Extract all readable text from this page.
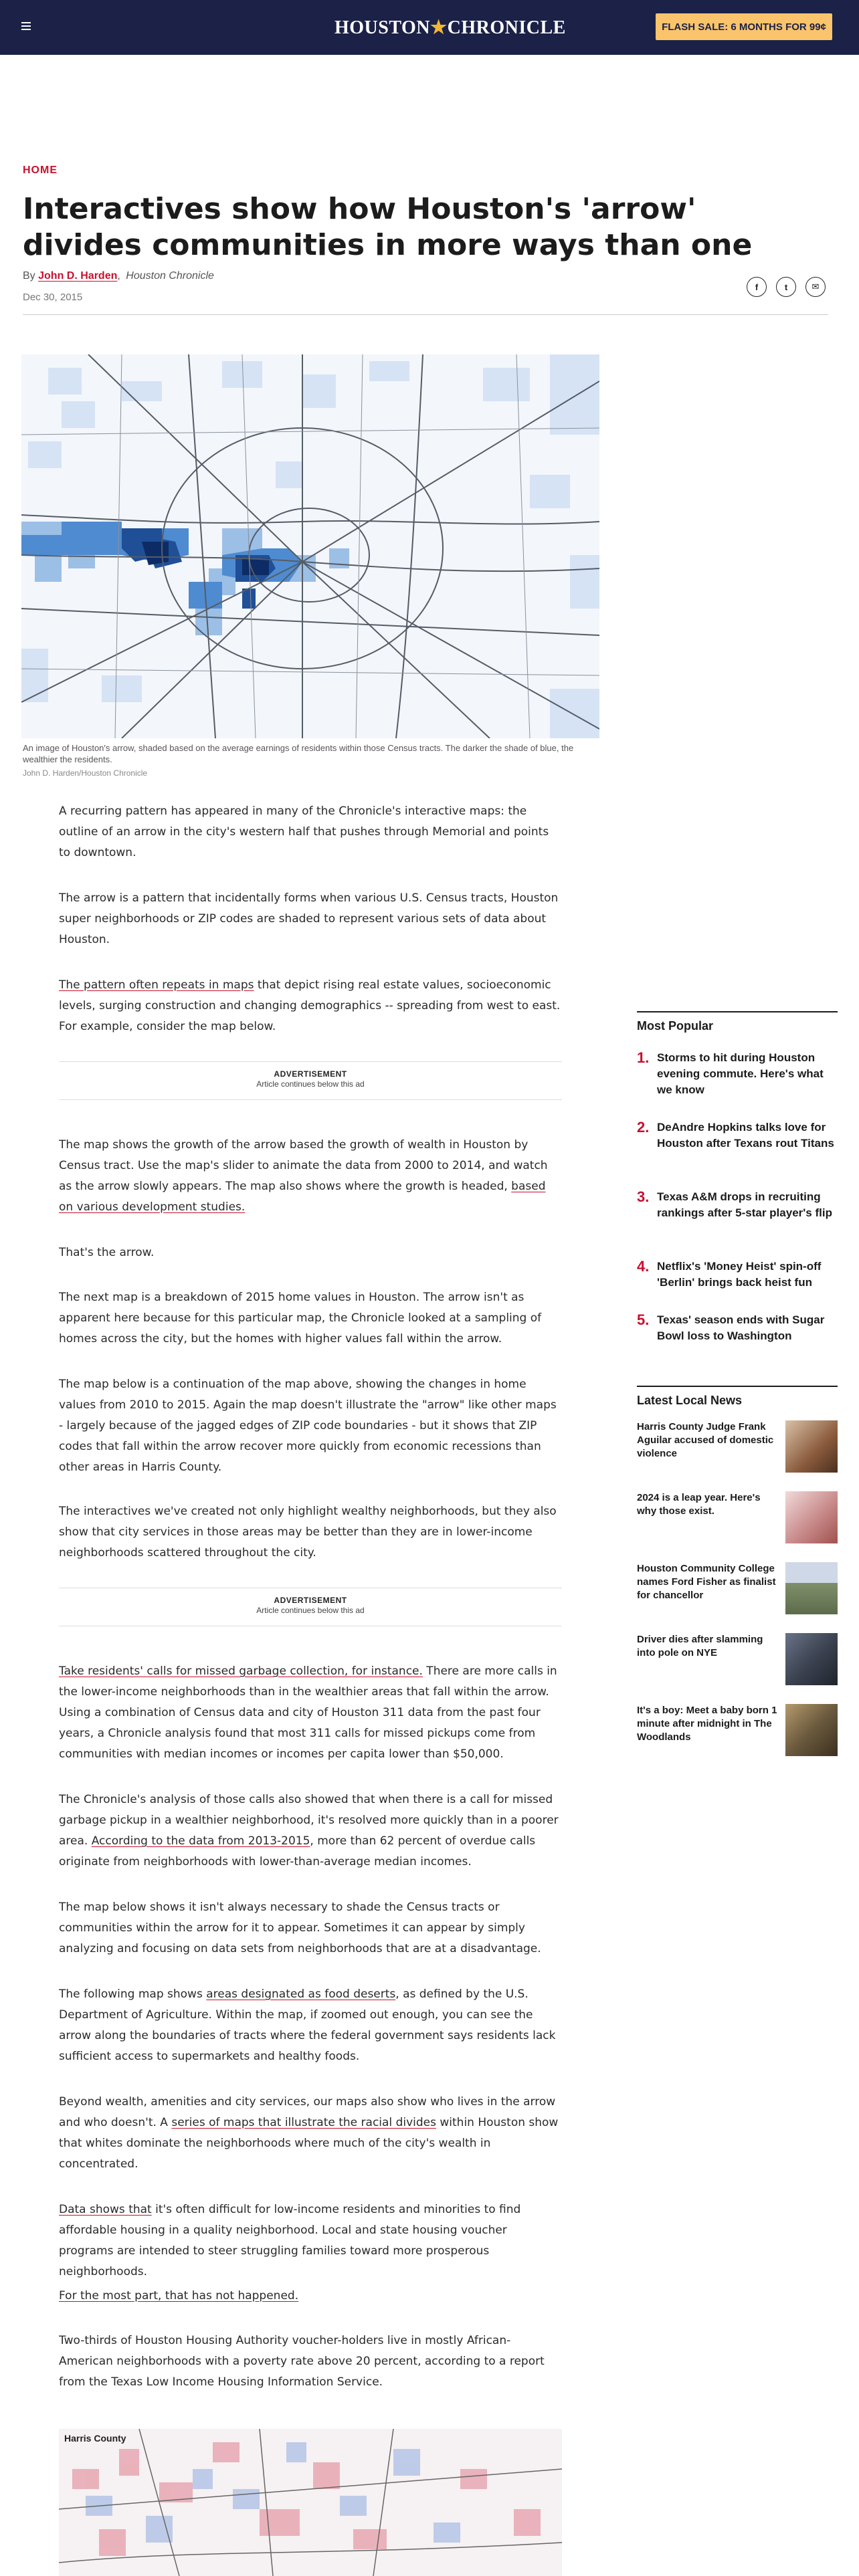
HOUSTON★CHRONICLE	FLASH SALE: 6 MONTHS FOR 99¢
HOME
Interactives show how Houston's 'arrow' divides communities in more ways than one
By John D. Harden, Houston Chronicle
Dec 30, 2015
f	t	✉
An image of Houston's arrow, shaded based on the average earnings of residents within those Census tracts. The darker the shade of blue, the wealthier the residents.
John D. Harden/Houston Chronicle

A recurring pattern has appeared in many of the Chronicle's interactive maps: the outline of an arrow in the city's western half that pushes through Memorial and points to downtown.

The arrow is a pattern that incidentally forms when various U.S. Census tracts, Houston super neighborhoods or ZIP codes are shaded to represent various sets of data about Houston.

The pattern often repeats in maps that depict rising real estate values, socioeconomic levels, surging construction and changing demographics -- spreading from west to east. For example, consider the map below.

ADVERTISEMENT
Article continues below this ad

The map shows the growth of the arrow based the growth of wealth in Houston by Census tract. Use the map's slider to animate the data from 2000 to 2014, and watch as the arrow slowly appears. The map also shows where the growth is headed, based on various development studies.

That's the arrow.

The next map is a breakdown of 2015 home values in Houston. The arrow isn't as apparent here because for this particular map, the Chronicle looked at a sampling of homes across the city, but the homes with higher values fall within the arrow.

The map below is a continuation of the map above, showing the changes in home values from 2010 to 2015. Again the map doesn't illustrate the "arrow" like other maps - largely because of the jagged edges of ZIP code boundaries - but it shows that ZIP codes that fall within the arrow recover more quickly from economic recessions than other areas in Harris County.

The interactives we've created not only highlight wealthy neighborhoods, but they also show that city services in those areas may be better than they are in lower-income neighborhoods scattered throughout the city.

ADVERTISEMENT
Article continues below this ad

Take residents' calls for missed garbage collection, for instance. There are more calls in the lower-income neighborhoods than in the wealthier areas that fall within the arrow. Using a combination of Census data and city of Houston 311 data from the past four years, a Chronicle analysis found that most 311 calls for missed pickups come from communities with median incomes or incomes per capita lower than $50,000.

The Chronicle's analysis of those calls also showed that when there is a call for missed garbage pickup in a wealthier neighborhood, it's resolved more quickly than in a poorer area. According to the data from 2013-2015, more than 62 percent of overdue calls originate from neighborhoods with lower-than-average median incomes.

The map below shows it isn't always necessary to shade the Census tracts or communities within the arrow for it to appear. Sometimes it can appear by simply analyzing and focusing on data sets from neighborhoods that are at a disadvantage.

The following map shows areas designated as food deserts, as defined by the U.S. Department of Agriculture. Within the map, if zoomed out enough, you can see the arrow along the boundaries of tracts where the federal government says residents lack sufficient access to supermarkets and healthy foods.

Beyond wealth, amenities and city services, our maps also show who lives in the arrow and who doesn't. A series of maps that illustrate the racial divides within Houston show that whites dominate the neighborhoods where much of the city's wealth in concentrated.

Data shows that it's often difficult for low-income residents and minorities to find affordable housing in a quality neighborhood. Local and state housing voucher programs are intended to steer struggling families toward more prosperous neighborhoods.

For the most part, that has not happened.

Two-thirds of Houston Housing Authority voucher-holders live in mostly African-American neighborhoods with a poverty rate above 20 percent, according to a report from the Texas Low Income Housing Information Service.

Harris County
Most Popular
1. Storms to hit during Houston evening commute. Here's what we know
2. DeAndre Hopkins talks love for Houston after Texans rout Titans
3. Texas A&M drops in recruiting rankings after 5-star player's flip
4. Netflix's 'Money Heist' spin-off 'Berlin' brings back heist fun
5. Texas' season ends with Sugar Bowl loss to Washington
Latest Local News
Harris County Judge Frank Aguilar accused of domestic violence
2024 is a leap year. Here's why those exist.
Houston Community College names Ford Fisher as finalist for chancellor
Driver dies after slamming into pole on NYE
It's a boy: Meet a baby born 1 minute after midnight in The Woodlands
